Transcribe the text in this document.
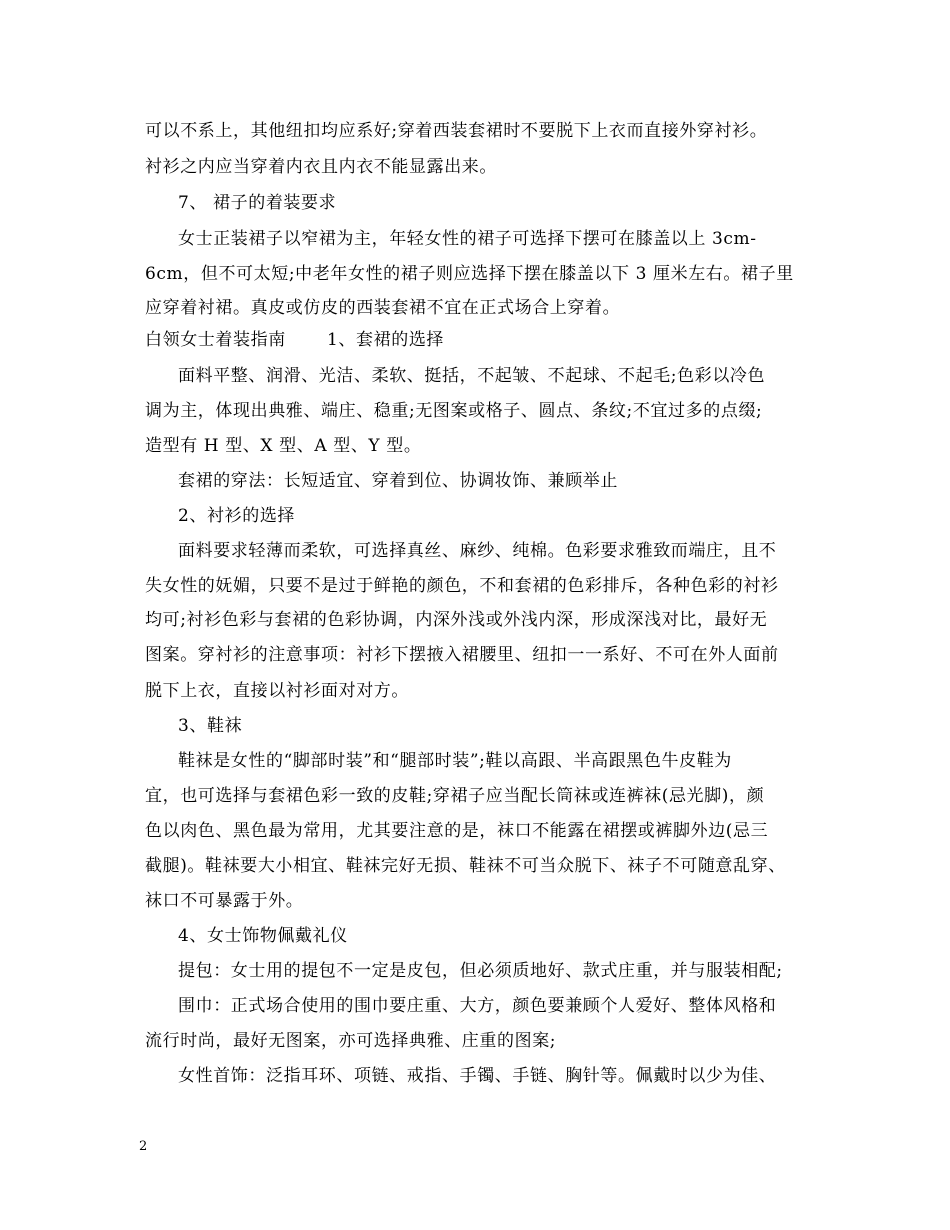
可以不系上，其他纽扣均应系好;穿着西装套裙时不要脱下上衣而直接外穿衬衫。
衬衫之内应当穿着内衣且内衣不能显露出来。
7、 裙子的着装要求
女士正装裙子以窄裙为主，年轻女性的裙子可选择下摆可在膝盖以上 3cm-
6cm，但不可太短;中老年女性的裙子则应选择下摆在膝盖以下 3 厘米左右。裙子里
应穿着衬裙。真皮或仿皮的西装套裙不宜在正式场合上穿着。
白领女士着装指南 　　1、套裙的选择
面料平整、润滑、光洁、柔软、挺括，不起皱、不起球、不起毛;色彩以冷色
调为主，体现出典雅、端庄、稳重;无图案或格子、圆点、条纹;不宜过多的点缀;
造型有 H 型、X 型、A 型、Y 型。
套裙的穿法：长短适宜、穿着到位、协调妆饰、兼顾举止
2、衬衫的选择
面料要求轻薄而柔软，可选择真丝、麻纱、纯棉。色彩要求雅致而端庄，且不
失女性的妩媚，只要不是过于鲜艳的颜色，不和套裙的色彩排斥，各种色彩的衬衫
均可;衬衫色彩与套裙的色彩协调，内深外浅或外浅内深，形成深浅对比，最好无
图案。穿衬衫的注意事项：衬衫下摆掖入裙腰里、纽扣一一系好、不可在外人面前
脱下上衣，直接以衬衫面对对方。
3、鞋袜
鞋袜是女性的“脚部时装”和“腿部时装”;鞋以高跟、半高跟黑色牛皮鞋为
宜，也可选择与套裙色彩一致的皮鞋;穿裙子应当配长筒袜或连裤袜(忌光脚)，颜
色以肉色、黑色最为常用，尤其要注意的是，袜口不能露在裙摆或裤脚外边(忌三
截腿)。鞋袜要大小相宜、鞋袜完好无损、鞋袜不可当众脱下、袜子不可随意乱穿、
袜口不可暴露于外。
4、女士饰物佩戴礼仪
提包：女士用的提包不一定是皮包，但必须质地好、款式庄重，并与服装相配;
围巾：正式场合使用的围巾要庄重、大方，颜色要兼顾个人爱好、整体风格和
流行时尚，最好无图案，亦可选择典雅、庄重的图案;
女性首饰：泛指耳环、项链、戒指、手镯、手链、胸针等。佩戴时以少为佳、
2
